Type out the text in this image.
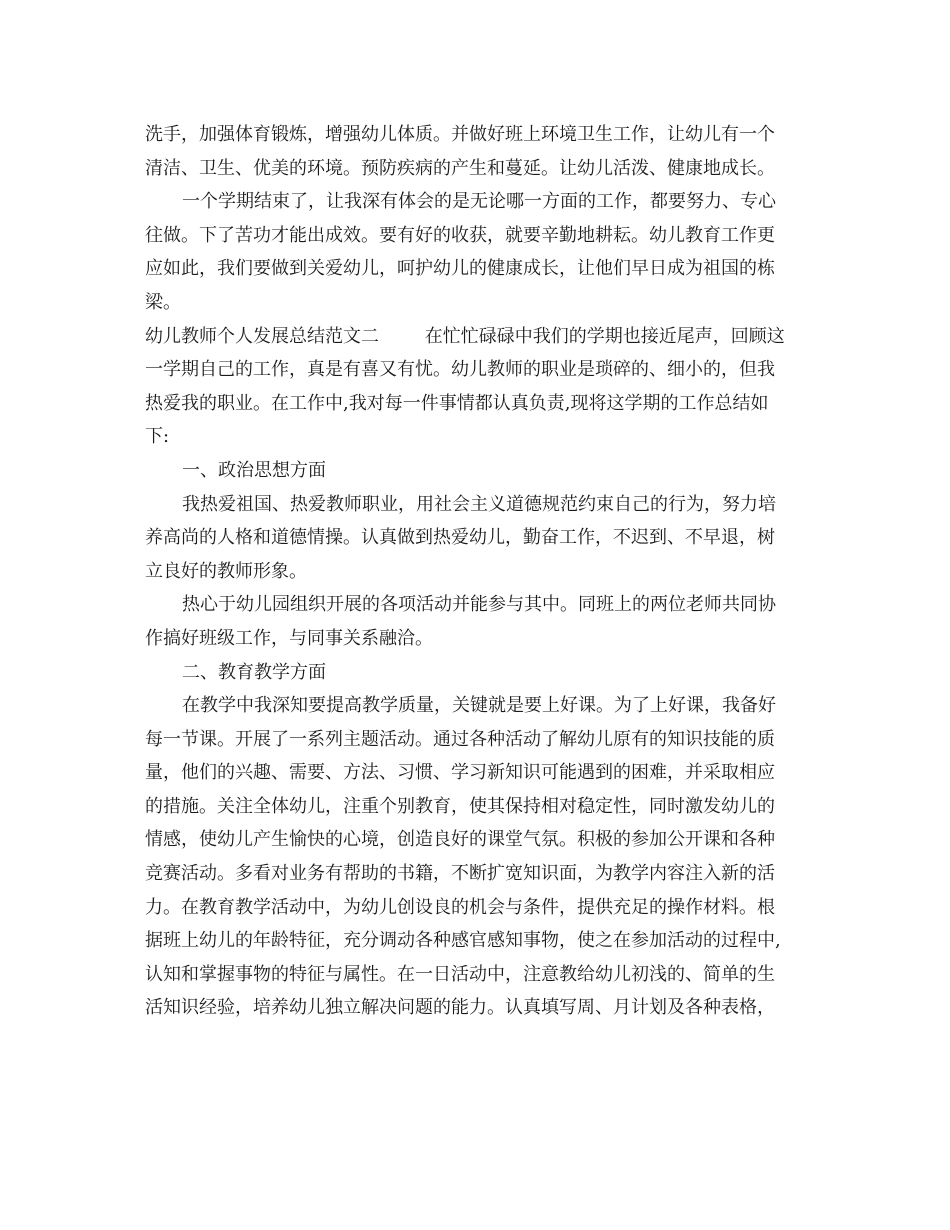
洗手，加强体育锻炼，增强幼儿体质。并做好班上环境卫生工作，让幼儿有一个
清洁、卫生、优美的环境。预防疾病的产生和蔓延。让幼儿活泼、健康地成长。
一个学期结束了，让我深有体会的是无论哪一方面的工作，都要努力、专心
往做。下了苦功才能出成效。要有好的收获，就要辛勤地耕耘。幼儿教育工作更
应如此，我们要做到关爱幼儿，呵护幼儿的健康成长，让他们早日成为祖国的栋
梁。
幼儿教师个人发展总结范文二        在忙忙碌碌中我们的学期也接近尾声，回顾这
一学期自己的工作，真是有喜又有忧。幼儿教师的职业是琐碎的、细小的，但我
热爱我的职业。在工作中,我对每一件事情都认真负责,现将这学期的工作总结如
下:
一、政治思想方面
我热爱祖国、热爱教师职业，用社会主义道德规范约束自己的行为，努力培
养高尚的人格和道德情操。认真做到热爱幼儿，勤奋工作，不迟到、不早退，树
立良好的教师形象。
热心于幼儿园组织开展的各项活动并能参与其中。同班上的两位老师共同协
作搞好班级工作，与同事关系融洽。
二、教育教学方面
在教学中我深知要提高教学质量，关键就是要上好课。为了上好课，我备好
每一节课。开展了一系列主题活动。通过各种活动了解幼儿原有的知识技能的质
量，他们的兴趣、需要、方法、习惯、学习新知识可能遇到的困难，并采取相应
的措施。关注全体幼儿，注重个别教育，使其保持相对稳定性，同时激发幼儿的
情感，使幼儿产生愉快的心境，创造良好的课堂气氛。积极的参加公开课和各种
竞赛活动。多看对业务有帮助的书籍，不断扩宽知识面，为教学内容注入新的活
力。在教育教学活动中，为幼儿创设良的机会与条件，提供充足的操作材料。根
据班上幼儿的年龄特征，充分调动各种感官感知事物，使之在参加活动的过程中,
认知和掌握事物的特征与属性。在一日活动中，注意教给幼儿初浅的、简单的生
活知识经验，培养幼儿独立解决问题的能力。认真填写周、月计划及各种表格，
